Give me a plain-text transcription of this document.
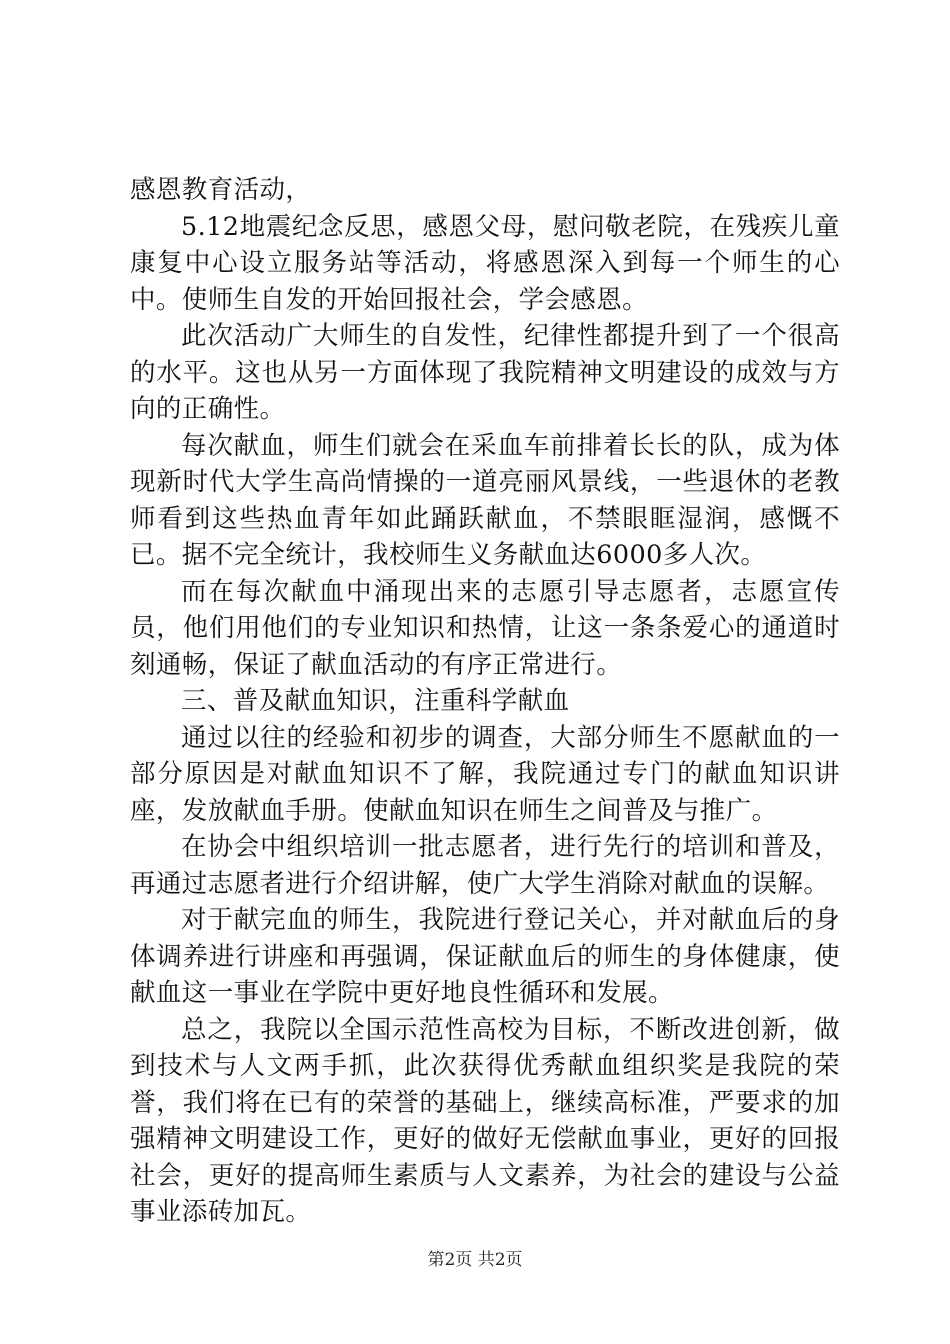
感恩教育活动，

5.12地震纪念反思，感恩父母，慰问敬老院，在残疾儿童康复中心设立服务站等活动，将感恩深入到每一个师生的心中。使师生自发的开始回报社会，学会感恩。

此次活动广大师生的自发性，纪律性都提升到了一个很高的水平。这也从另一方面体现了我院精神文明建设的成效与方向的正确性。

每次献血，师生们就会在采血车前排着长长的队，成为体现新时代大学生高尚情操的一道亮丽风景线，一些退休的老教师看到这些热血青年如此踊跃献血，不禁眼眶湿润，感慨不已。据不完全统计，我校师生义务献血达6000多人次。

而在每次献血中涌现出来的志愿引导志愿者，志愿宣传员，他们用他们的专业知识和热情，让这一条条爱心的通道时刻通畅，保证了献血活动的有序正常进行。

三、普及献血知识，注重科学献血

通过以往的经验和初步的调查，大部分师生不愿献血的一部分原因是对献血知识不了解，我院通过专门的献血知识讲座，发放献血手册。使献血知识在师生之间普及与推广。

在协会中组织培训一批志愿者，进行先行的培训和普及，再通过志愿者进行介绍讲解，使广大学生消除对献血的误解。

对于献完血的师生，我院进行登记关心，并对献血后的身体调养进行讲座和再强调，保证献血后的师生的身体健康，使献血这一事业在学院中更好地良性循环和发展。

总之，我院以全国示范性高校为目标，不断改进创新，做到技术与人文两手抓，此次获得优秀献血组织奖是我院的荣誉，我们将在已有的荣誉的基础上，继续高标准，严要求的加强精神文明建设工作，更好的做好无偿献血事业，更好的回报社会，更好的提高师生素质与人文素养，为社会的建设与公益事业添砖加瓦。

第2页 共2页
